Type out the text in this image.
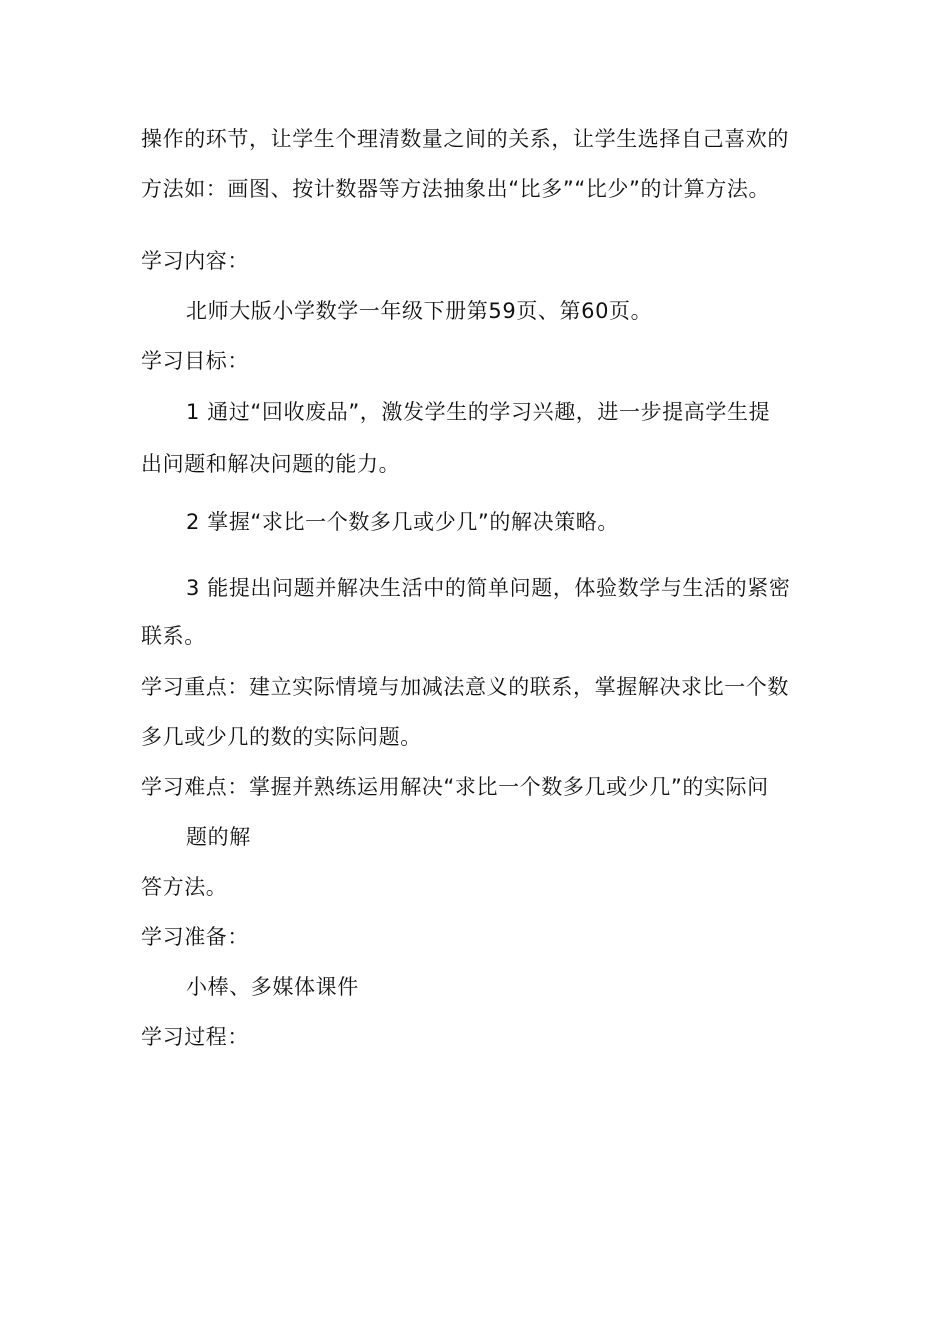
操作的环节，让学生个理清数量之间的关系，让学生选择自己喜欢的
方法如：画图、按计数器等方法抽象出“比多”“比少”的计算方法。
学习内容：
北师大版小学数学一年级下册第59页、第60页。
学习目标：
1 通过“回收废品”，激发学生的学习兴趣，进一步提高学生提
出问题和解决问题的能力。
2 掌握“求比一个数多几或少几”的解决策略。
3 能提出问题并解决生活中的简单问题，体验数学与生活的紧密
联系。
学习重点：建立实际情境与加减法意义的联系，掌握解决求比一个数
多几或少几的数的实际问题。
学习难点：掌握并熟练运用解决“求比一个数多几或少几”的实际问
题的解
答方法。
学习准备：
小棒、多媒体课件
学习过程：
